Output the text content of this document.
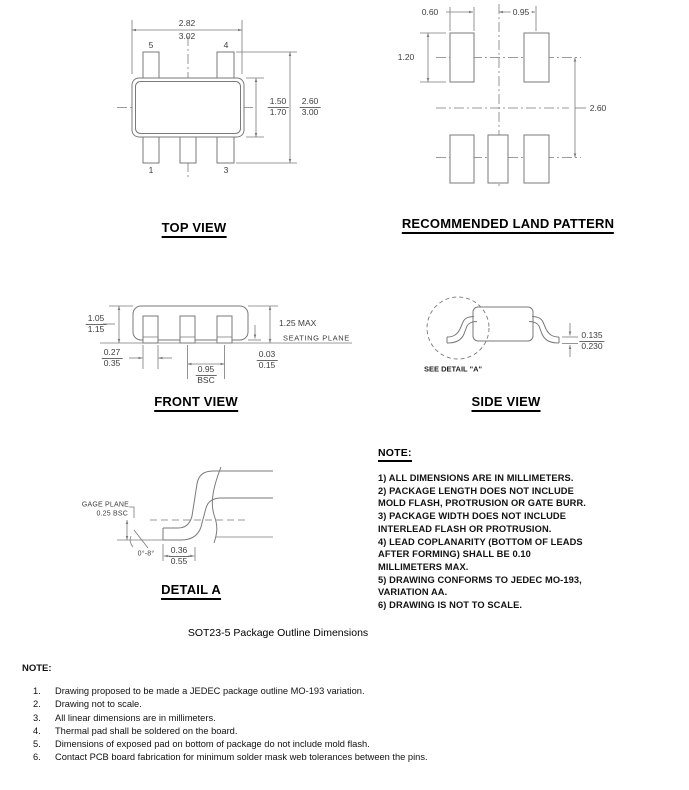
2.82
3.02
5	4
1	3
$\frac{1.50}{1.70} \frac{2.60}{3.00}$
TOP VIEW
0.60	0.95
1.20
2.60
RECOMMENDED LAND PATTERN
$\frac{1.05}{1.15}$	1.25 MAX
SEATING PLANE
$\frac{0.27}{0.35}$
0.95
BSC
$\frac{0.03}{0.15}$
FRONT VIEW
$\frac{0.135}{0.230}$
SEE DETAIL "A"
SIDE VIEW
GAGE PLANE
0.25 BSC
$0^\circ-8^\circ \frac{0.36}{0.55}$
DETAIL A
NOTE:
1) ALL DIMENSIONS ARE IN MILLIMETERS.
2) PACKAGE LENGTH DOES NOT INCLUDE
MOLD FLASH, PROTRUSION OR GATE BURR.
3) PACKAGE WIDTH DOES NOT INCLUDE
INTERLEAD FLASH OR PROTRUSION.
4) LEAD COPLANARITY (BOTTOM OF LEADS
AFTER FORMING) SHALL BE 0.10
MILLIMETERS MAX.
5) DRAWING CONFORMS TO JEDEC MO-193,
VARIATION AA.
6) DRAWING IS NOT TO SCALE.
SOT23-5 Package Outline Dimensions
NOTE:
1. Drawing proposed to be made a JEDEC package outline MO-193 variation.
2. Drawing not to scale.
3. All linear dimensions are in millimeters.
4. Thermal pad shall be soldered on the board.
5. Dimensions of exposed pad on bottom of package do not include mold flash.
6. Contact PCB board fabrication for minimum solder mask web tolerances between the pins.
